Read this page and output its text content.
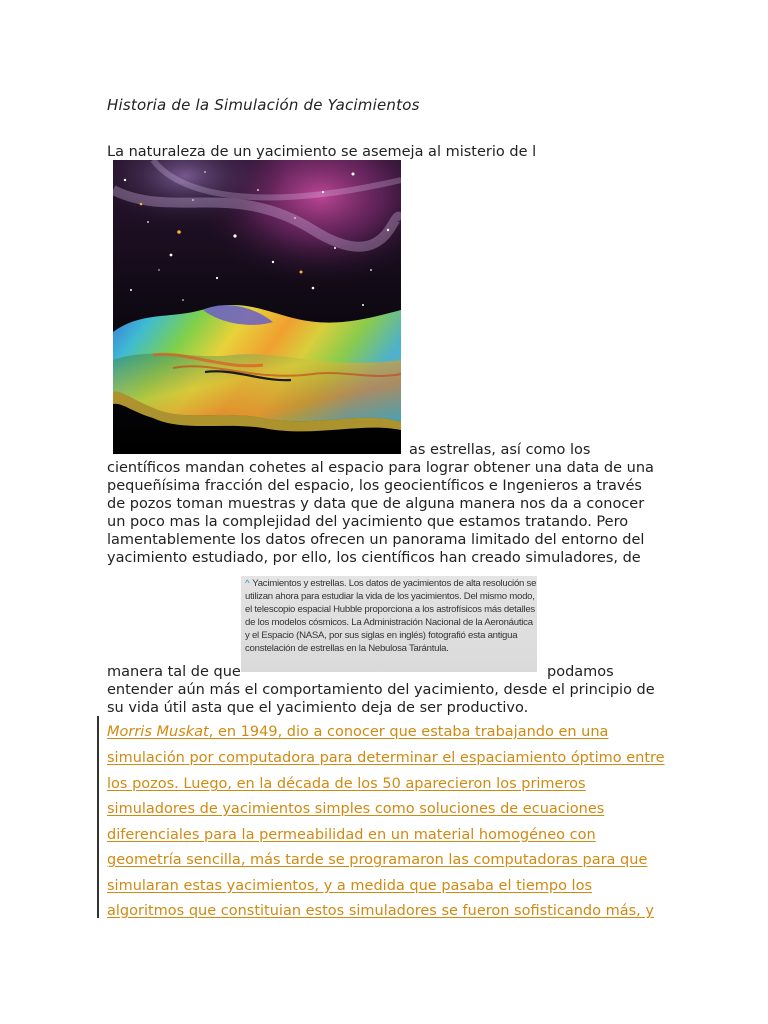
Historia de la Simulación de Yacimientos
La naturaleza de un yacimiento se asemeja al misterio de l
as estrellas, así como los
científicos mandan cohetes al espacio para lograr obtener una data de una
pequeñísima fracción del espacio, los geocientíficos e Ingenieros a través
de pozos toman muestras y data que de alguna manera nos da a conocer
un poco mas la complejidad del yacimiento que estamos tratando. Pero
lamentablemente los datos ofrecen un panorama limitado del entorno del
yacimiento estudiado, por ello, los científicos han creado simuladores, de
^ Yacimientos y estrellas. Los datos de yacimientos de alta resolución se
utilizan ahora para estudiar la vida de los yacimientos. Del mismo modo,
el telescopio espacial Hubble proporciona a los astrofísicos más detalles
de los modelos cósmicos. La Administración Nacional de la Aeronáutica
y el Espacio (NASA, por sus siglas en inglés) fotografió esta antigua
constelación de estrellas en la Nebulosa Tarántula.
manera tal de que	podamos
entender aún más el comportamiento del yacimiento, desde el principio de
su vida útil asta que el yacimiento deja de ser productivo.
Morris Muskat, en 1949, dio a conocer que estaba trabajando en una
simulación por computadora para determinar el espaciamiento óptimo entre
los pozos. Luego, en la década de los 50 aparecieron los primeros
simuladores de yacimientos simples como soluciones de ecuaciones
diferenciales para la permeabilidad en un material homogéneo con
geometría sencilla, más tarde se programaron las computadoras para que
simularan estas yacimientos, y a medida que pasaba el tiempo los
algoritmos que constituian estos simuladores se fueron sofisticando más, y
